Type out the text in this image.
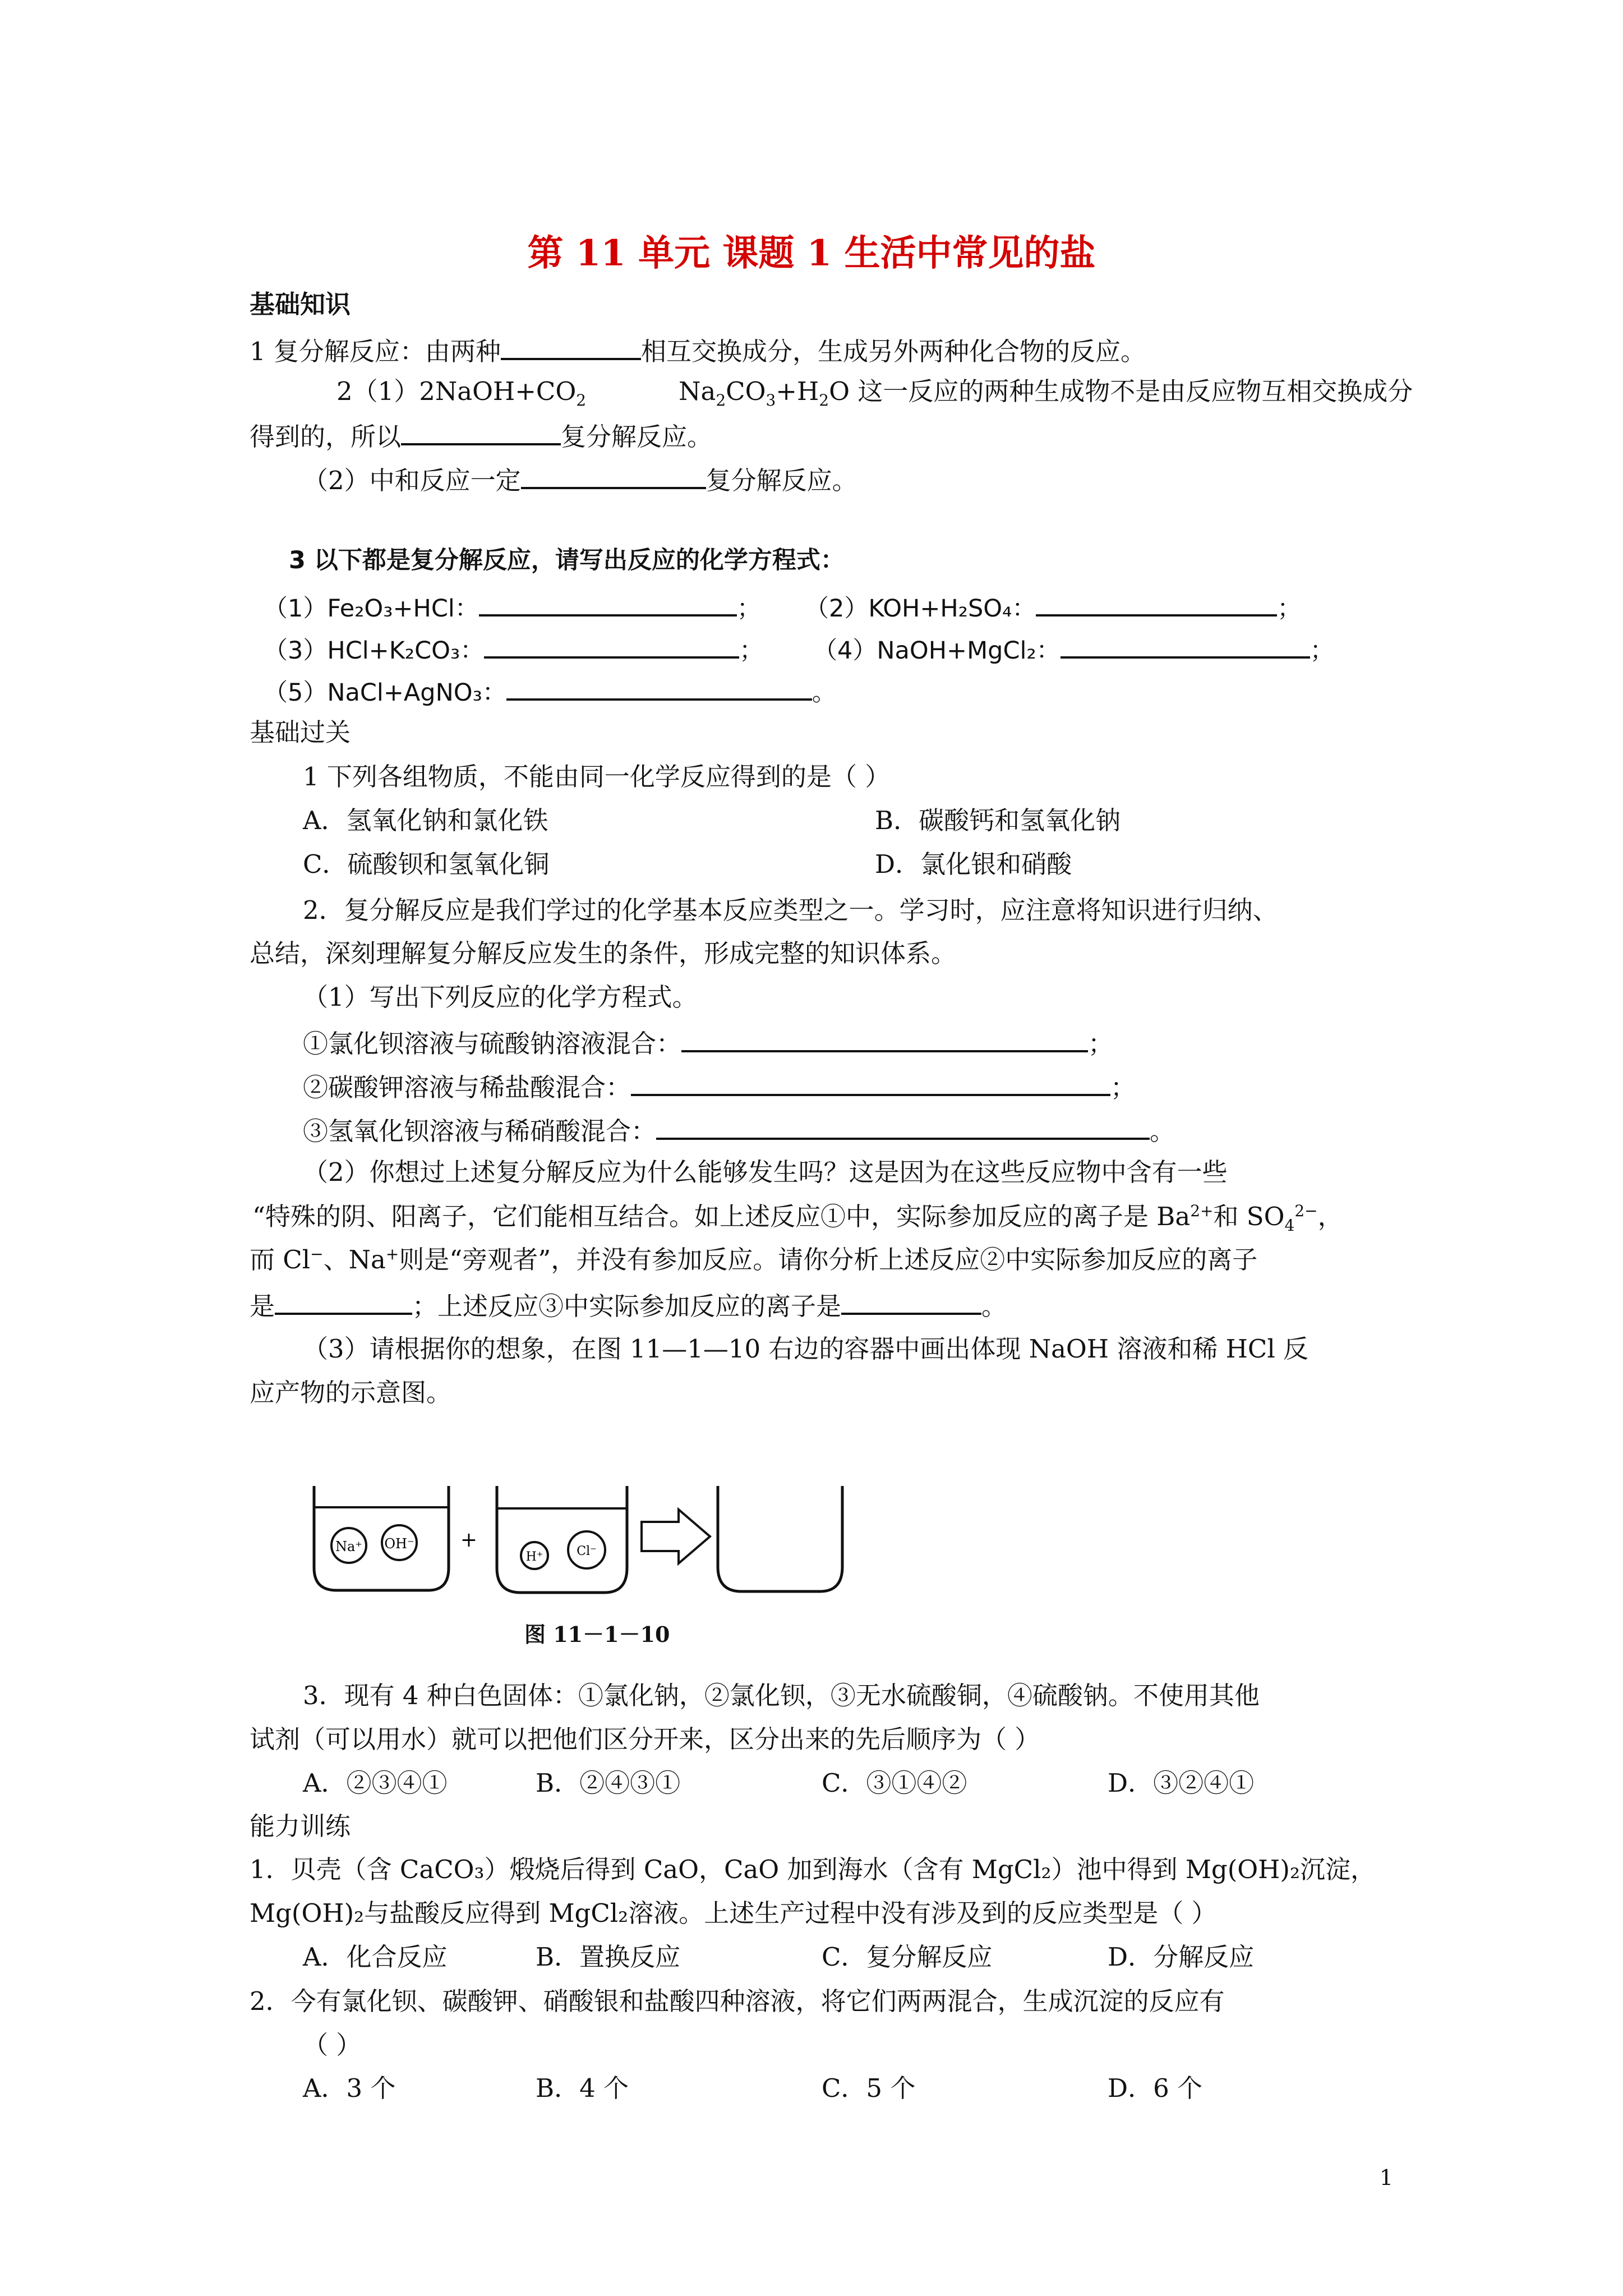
第 11 单元 课题 1 生活中常见的盐
基础知识
1 复分解反应：由两种	相互交换成分，生成另外两种化合物的反应。
$2(1)2NaOH+CO_2$	$Na_2CO_3+H_2O$ 这一反应的两种生成物不是由反应物互相交换成分
得到的，所以	复分解反应。
（2）中和反应一定	复分解反应。
3 以下都是复分解反应，请写出反应的化学方程式：
（1）Fe₂O₃+HCl：	； （2）KOH+H₂SO₄：	；
（3）HCl+K₂CO₃：	； （4）NaOH+MgCl₂：	；
（5）NaCl+AgNO₃：	。
基础过关
1 下列各组物质，不能由同一化学反应得到的是（ ）
A．氢氧化钠和氯化铁	B．碳酸钙和氢氧化钠
C．硫酸钡和氢氧化铜	D．氯化银和硝酸
2．复分解反应是我们学过的化学基本反应类型之一。学习时，应注意将知识进行归纳、
总结，深刻理解复分解反应发生的条件，形成完整的知识体系。
（1）写出下列反应的化学方程式。
①氯化钡溶液与硫酸钠溶液混合：	；
②碳酸钾溶液与稀盐酸混合：	；
③氢氧化钡溶液与稀硝酸混合：	。
（2）你想过上述复分解反应为什么能够发生吗？这是因为在这些反应物中含有一些
“特殊的阴、阳离子，它们能相互结合。如上述反应①中，实际参加反应的离子是 $Ba^{2+}$和 $SO_4^{2-}$，
而 Cl−、Na+则是“旁观者”，并没有参加反应。请你分析上述反应②中实际参加反应的离子
是	；上述反应③中实际参加反应的离子是	。
（3）请根据你的想象，在图 11—1—10 右边的容器中画出体现 NaOH 溶液和稀 HCl 反
应产物的示意图。
Na⁺ OH⁻ +
H⁺	Cl⁻
图 11－1－10
3．现有 4 种白色固体：①氯化钠，②氯化钡，③无水硫酸铜，④硫酸钠。不使用其他
试剂（可以用水）就可以把他们区分开来，区分出来的先后顺序为（ ）
A．②③④①	B．②④③①	C．③①④②	D．③②④①
能力训练
1．贝壳（含 CaCO₃）煅烧后得到 CaO，CaO 加到海水（含有 MgCl₂）池中得到 Mg(OH)₂沉淀，
Mg(OH)₂与盐酸反应得到 MgCl₂溶液。上述生产过程中没有涉及到的反应类型是（ ）
A．化合反应	B．置换反应	C．复分解反应	D．分解反应
2．今有氯化钡、碳酸钾、硝酸银和盐酸四种溶液，将它们两两混合，生成沉淀的反应有
（ ）
A．3 个	B．4 个	C．5 个	D．6 个
1
